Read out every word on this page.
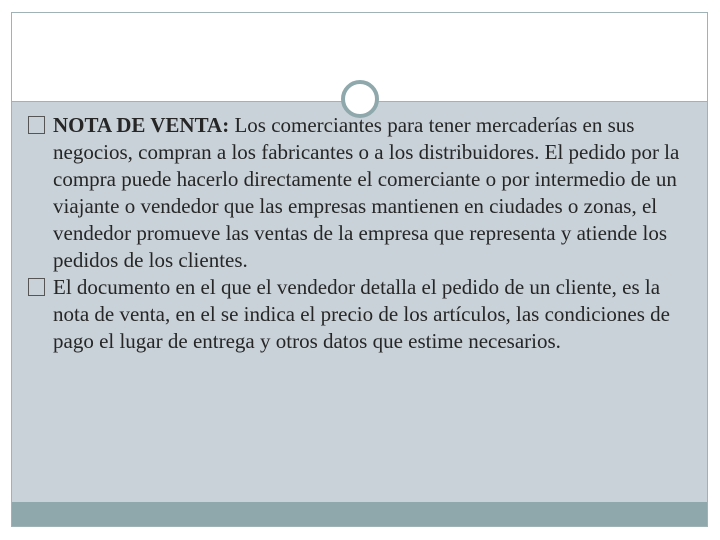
NOTA DE VENTA: Los comerciantes para tener mercaderías en sus negocios, compran a los fabricantes o a los distribuidores. El pedido por la compra puede hacerlo directamente el comerciante o por intermedio de un viajante o vendedor que las empresas mantienen en ciudades o zonas, el vendedor promueve las ventas de la empresa que representa y atiende los pedidos de los clientes.

El documento en el que el vendedor detalla el pedido de un cliente, es la nota de venta, en el se indica el precio de los artículos, las condiciones de pago el lugar de entrega y otros datos que estime necesarios.
